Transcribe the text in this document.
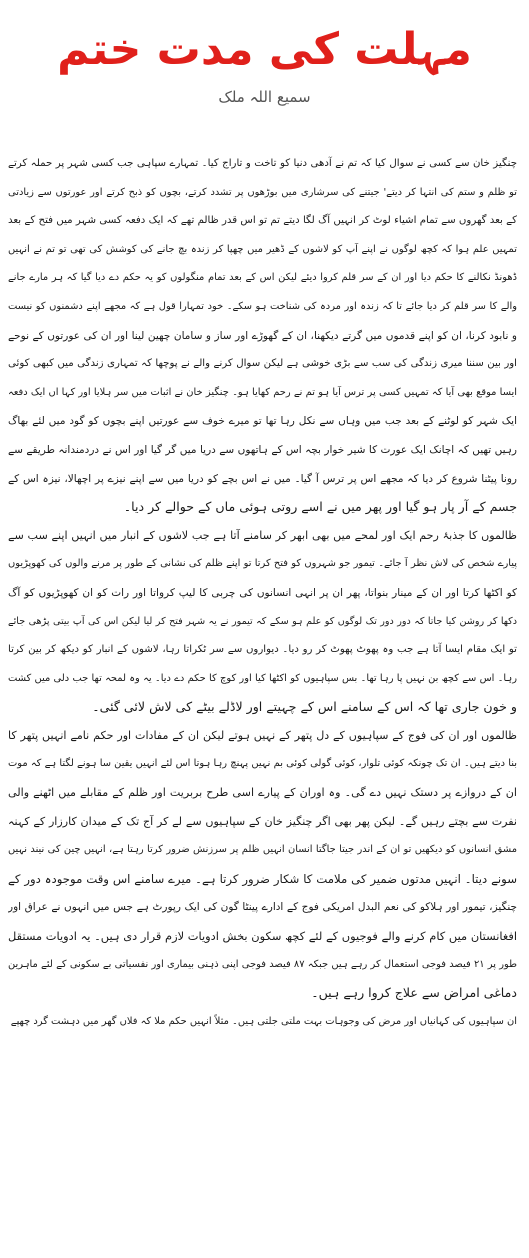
مہلت کی مدت ختم
سمیع اللہ ملک
چنگیز خان سے کسی نے سوال کیا کہ تم نے آدھی دنیا کو تاخت و تاراج کیا۔ تمہارے سپاہی جب کسی شہر پر حملہ کرتے
تو ظلم و ستم کی انتہا کر دیتے' جیتنے کی سرشاری میں بوڑھوں پر تشدد کرتے، بچوں کو ذبح کرتے اور عورتوں سے زیادتی
کے بعد گھروں سے تمام اشیاء لوٹ کر انہیں آگ لگا دیتے تم تو اس قدر ظالم تھے کہ ایک دفعہ کسی شہر میں فتح کے بعد
تمہیں علم ہوا کہ کچھ لوگوں نے اپنے آپ کو لاشوں کے ڈھیر میں چھپا کر زندہ بچ جانے کی کوشش کی تھی تو تم نے انہیں
ڈھونڈ نکالنے کا حکم دیا اور ان کے سر قلم کروا دیئے لیکن اس کے بعد تمام منگولوں کو یہ حکم دے دیا گیا کہ ہر مارے جانے
والے کا سر قلم کر دیا جائے تا کہ زندہ اور مردہ کی شناخت ہو سکے۔ خود تمہارا قول ہے کہ مجھے اپنے دشمنوں کو نیست
و نابود کرنا، ان کو اپنے قدموں میں گرتے دیکھنا، ان کے گھوڑے اور ساز و سامان چھین لینا اور ان کی عورتوں کے نوحے
اور بین سننا میری زندگی کی سب سے بڑی خوشی ہے لیکن سوال کرنے والے نے پوچھا کہ تمہاری زندگی میں کبھی کوئی
ایسا موقع بھی آیا کہ تمہیں کسی پر ترس آیا ہو تم نے رحم کھایا ہو۔ چنگیز خان نے اثبات میں سر ہلایا اور کہا اں ایک دفعہ
ایک شہر کو لوٹنے کے بعد جب میں وہاں سے نکل رہا تھا تو میرے خوف سے عورتیں اپنے بچوں کو گود میں لئے بھاگ
رہیں تھیں کہ اچانک ایک عورت کا شیر خوار بچہ اس کے ہاتھوں سے دریا میں گر گیا اور اس نے دردمندانہ طریقے سے
رونا پیٹنا شروع کر دیا کہ مجھے اس پر ترس آ گیا۔ میں نے اس بچے کو دریا میں سے اپنے نیزے پر اچھالا، نیزہ اس کے
جسم کے آر پار ہو گیا اور پھر میں نے اسے روتی ہوئی ماں کے حوالے کر دیا۔
ظالموں کا جذبۂ رحم ایک اور لمحے میں بھی ابھر کر سامنے آتا ہے جب لاشوں کے انبار میں انہیں اپنے سب سے
پیارے شخص کی لاش نظر آ جائے۔ تیمور جو شہروں کو فتح کرتا تو اپنے ظلم کی نشانی کے طور پر مرنے والوں کی کھوپڑیوں
کو اکٹھا کرتا اور ان کے مینار بنواتا، پھر ان پر انہی انسانوں کی چربی کا لیپ کرواتا اور رات کو ان کھوپڑیوں کو آگ
دکھا کر روشن کیا جاتا کہ دور دور تک لوگوں کو علم ہو سکے کہ تیمور نے یہ شہر فتح کر لیا لیکن اس کی آپ بیتی پڑھی جائے
تو ایک مقام ایسا آتا ہے جب وہ پھوٹ پھوٹ کر رو دیا۔ دیواروں سے سر ٹکراتا رہا، لاشوں کے انبار کو دیکھ کر بین کرتا
رہا۔ اس سے کچھ بن نہیں پا رہا تھا۔ بس سپاہیوں کو اکٹھا کیا اور کوچ کا حکم دے دیا۔ یہ وہ لمحہ تھا جب دلی میں کشت
و خون جاری تھا کہ اس کے سامنے اس کے چہیتے اور لاڈلے بیٹے کی لاش لائی گئی۔
ظالموں اور ان کی فوج کے سپاہیوں کے دل پتھر کے نہیں ہوتے لیکن ان کے مفادات اور حکم نامے انہیں پتھر کا
بنا دیتے ہیں۔ ان تک چونکہ کوئی تلوار، کوئی گولی کوئی بم نہیں پہنچ رہا ہوتا اس لئے انہیں یقین سا ہونے لگتا ہے کہ موت
ان کے دروازے پر دستک نہیں دے گی۔ وہ اوران کے پیارے اسی طرح بربریت اور ظلم کے مقابلے میں اٹھنے والی
نفرت سے بچتے رہیں گے۔ لیکن پھر بھی اگر چنگیز خان کے سپاہیوں سے لے کر آج تک کے میدان کارزار کے کہنہ
مشق انسانوں کو دیکھیں تو ان کے اندر جیتا جاگتا انسان انہیں ظلم پر سرزنش ضرور کرتا رہتا ہے، انہیں چین کی نیند نہیں
سونے دیتا۔ انہیں مدتوں ضمیر کی ملامت کا شکار ضرور کرتا ہے۔ میرے سامنے اس وقت موجودہ دور کے
چنگیز، تیمور اور ہلاکو کی نعم البدل امریکی فوج کے ادارے پینٹا گون کی ایک رپورٹ ہے جس میں انہوں نے عراق اور
افغانستان میں کام کرنے والے فوجیوں کے لئے کچھ سکون بخش ادویات لازم قرار دی ہیں۔ یہ ادویات مستقل
طور پر ۲۱ فیصد فوجی استعمال کر رہے ہیں جبکہ ۸۷ فیصد فوجی اپنی ذہنی بیماری اور نفسیاتی بے سکونی کے لئے ماہرین
دماغی امراض سے علاج کروا رہے ہیں۔
ان سپاہیوں کی کہانیاں اور مرض کی وجوہات بہت ملتی جلتی ہیں۔ مثلاً انہیں حکم ملا کہ فلاں گھر میں دہشت گرد چھپے
